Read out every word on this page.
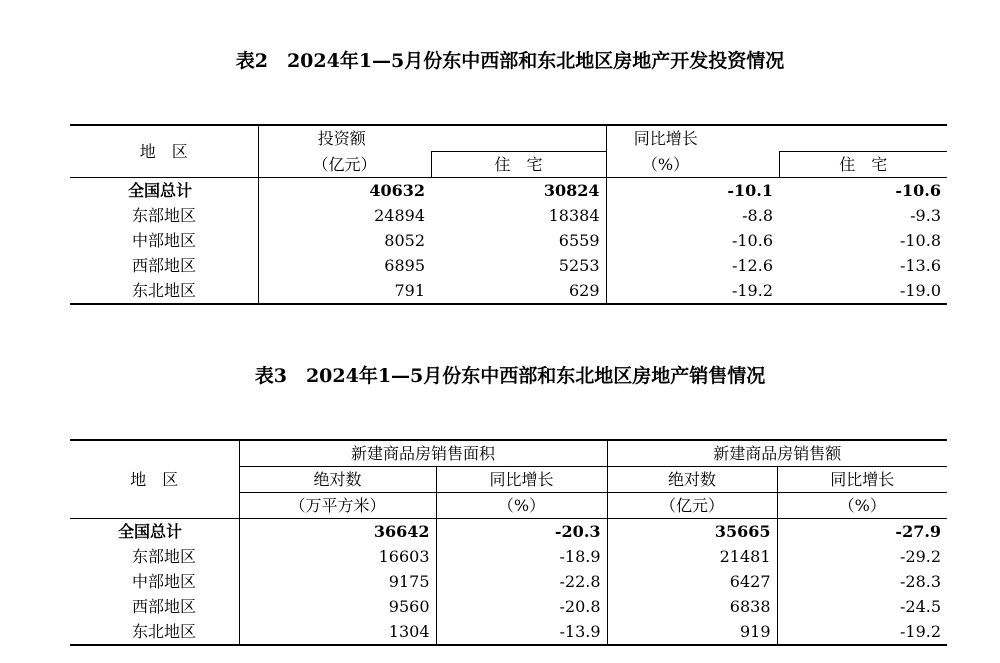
表2　2024年1—5月份东中西部和东北地区房地产开发投资情况
地　区	投资额		同比增长	
	（亿元）	住　宅	（%）	住　宅
全国总计	40632	30824	-10.1	-10.6
东部地区	24894	18384	-8.8	-9.3
中部地区	8052	6559	-10.6	-10.8
西部地区	6895	5253	-12.6	-13.6
东北地区	791	629	-19.2	-19.0
表3　2024年1—5月份东中西部和东北地区房地产销售情况
地　区	新建商品房销售面积		新建商品房销售额	
	绝对数	同比增长	绝对数	同比增长
	（万平方米）	（%）	（亿元）	（%）
全国总计	36642	-20.3	35665	-27.9
东部地区	16603	-18.9	21481	-29.2
中部地区	9175	-22.8	6427	-28.3
西部地区	9560	-20.8	6838	-24.5
东北地区	1304	-13.9	919	-19.2
